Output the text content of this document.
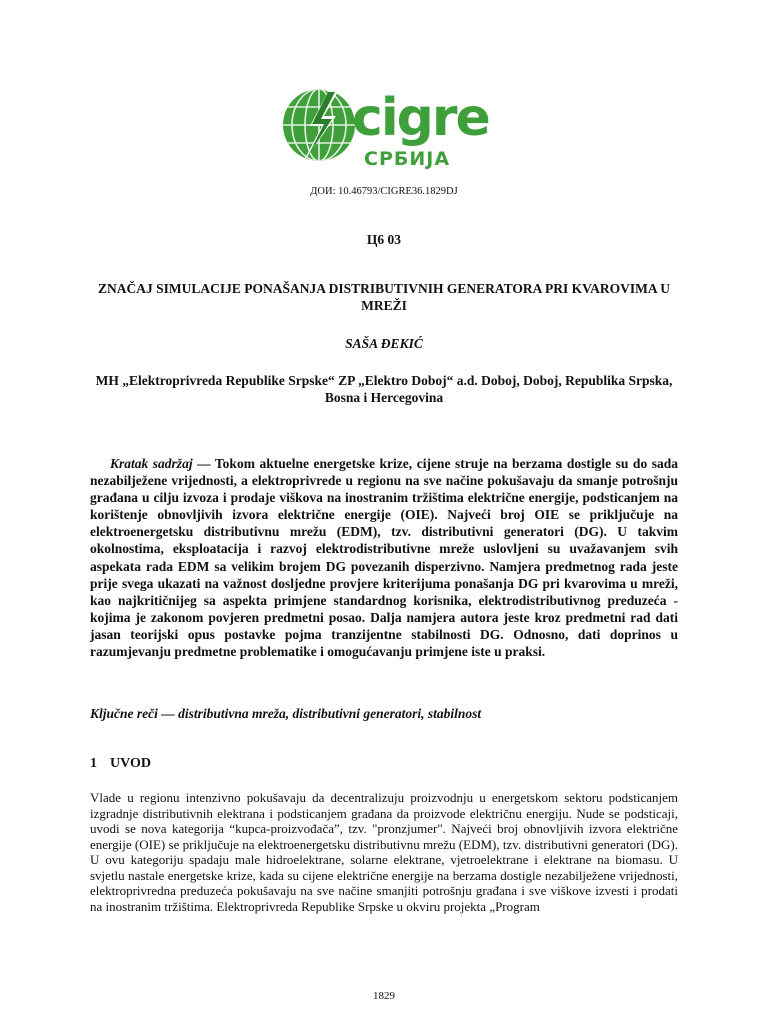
cigre
СРБИЈА
ДОИ: 10.46793/CIGRE36.1829DJ
Ц6 03
ZNAČAJ SIMULACIJE PONAŠANJA DISTRIBUTIVNIH GENERATORA PRI KVAROVIMA U MREŽI
SAŠA ĐEKIĆ
MH „Elektroprivreda Republike Srpske“ ZP „Elektro Doboj“ a.d. Doboj, Doboj, Republika Srpska, Bosna i Hercegovina

Kratak sadržaj — Tokom aktuelne energetske krize, cijene struje na berzama dostigle su do sada nezabilježene vrijednosti, a elektroprivrede u regionu na sve načine pokušavaju da smanje potrošnju građana u cilju izvoza i prodaje viškova na inostranim tržištima električne energije, podsticanjem na korištenje obnovljivih izvora električne energije (OIE). Najveći broj OIE se priključuje na elektroenergetsku distributivnu mrežu (EDM), tzv. distributivni generatori (DG). U takvim okolnostima, eksploatacija i razvoj elektrodistributivne mreže uslovljeni su uvažavanjem svih aspekata rada EDM sa velikim brojem DG povezanih disperzivno. Namjera predmetnog rada jeste prije svega ukazati na važnost dosljedne provjere kriterijuma ponašanja DG pri kvarovima u mreži, kao najkritičnijeg sa aspekta primjene standardnog korisnika, elektrodistributivnog preduzeća - kojima je zakonom povjeren predmetni posao. Dalja namjera autora jeste kroz predmetni rad dati jasan teorijski opus postavke pojma tranzijentne stabilnosti DG. Odnosno, dati doprinos u razumjevanju predmetne problematike i omogućavanju primjene iste u praksi.

Ključne reči — distributivna mreža, distributivni generatori, stabilnost

1 UVOD

Vlade u regionu intenzivno pokušavaju da decentralizuju proizvodnju u energetskom sektoru podsticanjem izgradnje distributivnih elektrana i podsticanjem građana da proizvode električnu energiju. Nude se podsticaji, uvodi se nova kategorija “kupca-proizvođača”, tzv. "pronzjumer". Najveći broj obnovljivih izvora električne energije (OIE) se priključuje na elektroenergetsku distributivnu mrežu (EDM), tzv. distributivni generatori (DG). U ovu kategoriju spadaju male hidroelektrane, solarne elektrane, vjetroelektrane i elektrane na biomasu. U svjetlu nastale energetske krize, kada su cijene električne energije na berzama dostigle nezabilježene vrijednosti, elektroprivredna preduzeća pokušavaju na sve načine smanjiti potrošnju građana i sve viškove izvesti i prodati na inostranim tržištima. Elektroprivreda Republike Srpske u okviru projekta „Program

1829
